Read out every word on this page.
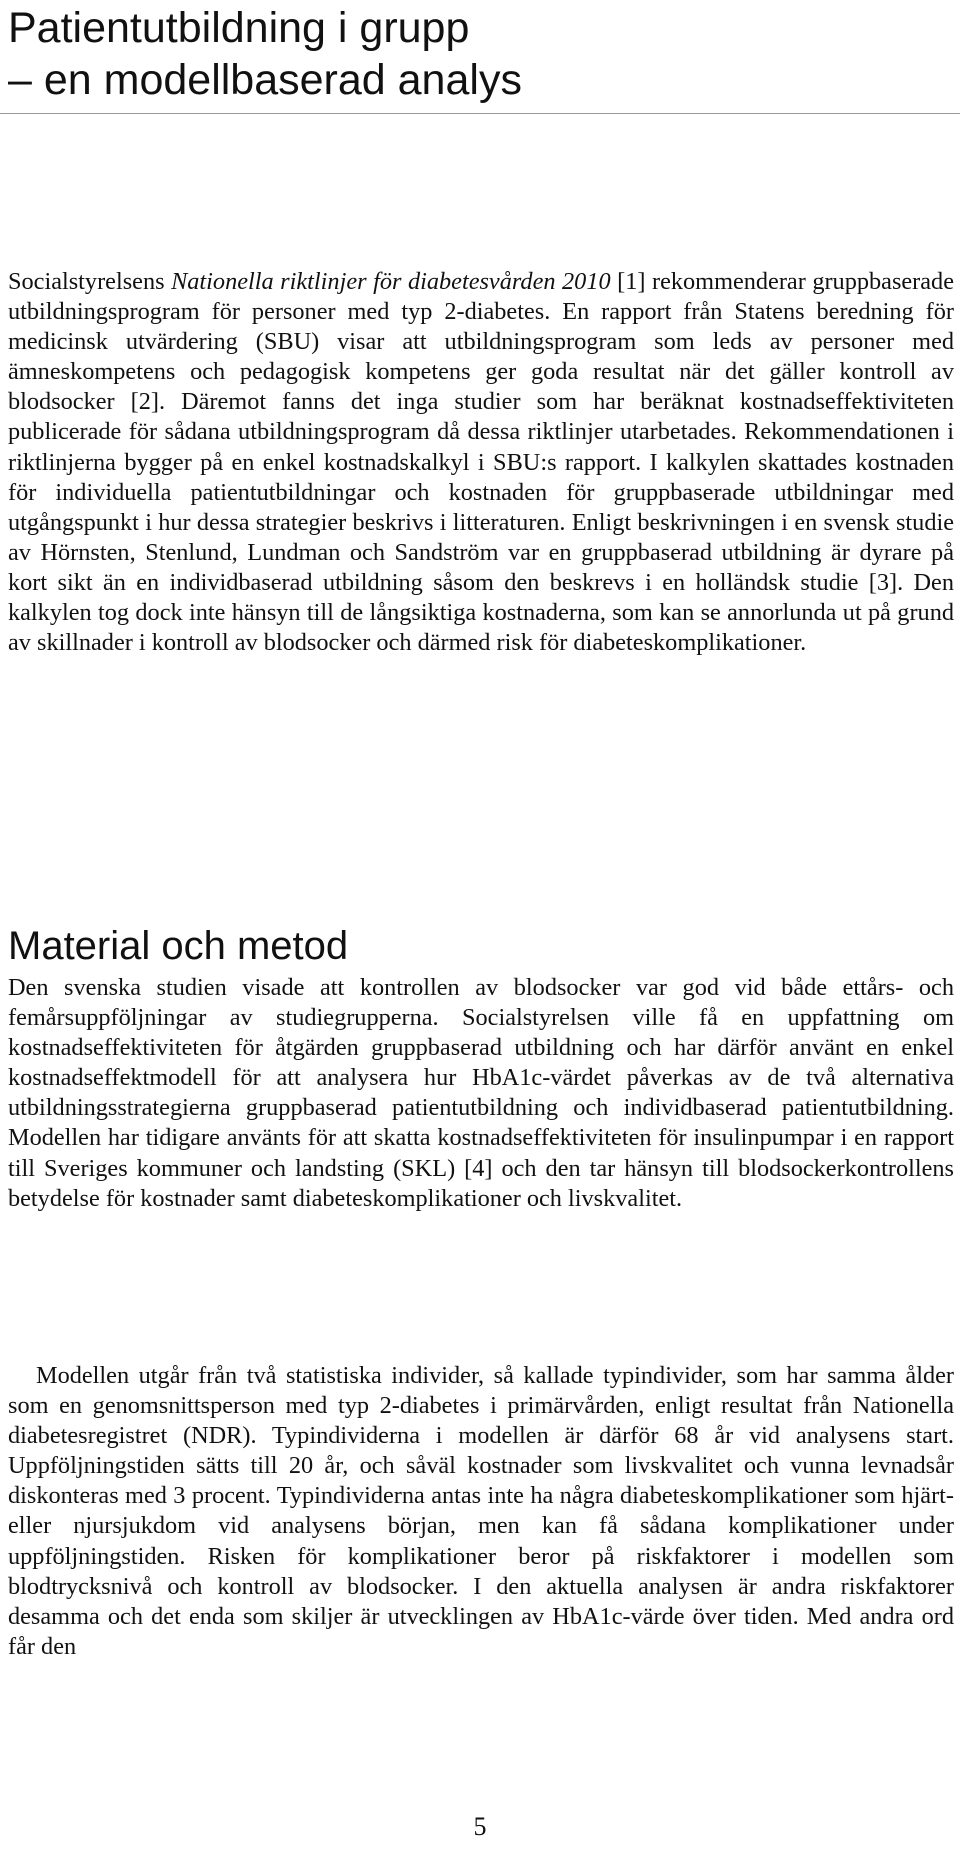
Patientutbildning i grupp
– en modellbaserad analys

Socialstyrelsens Nationella riktlinjer för diabetesvården 2010 [1] rekommenderar gruppbaserade utbildningsprogram för personer med typ 2-diabetes. En rapport från Statens beredning för medicinsk utvärdering (SBU) visar att utbildningsprogram som leds av personer med ämneskompetens och pedagogisk kompetens ger goda resultat när det gäller kontroll av blodsocker [2]. Däremot fanns det inga studier som har beräknat kostnadseffektiviteten publicerade för sådana utbildningsprogram då dessa riktlinjer utarbetades. Rekommendationen i riktlinjerna bygger på en enkel kostnadskalkyl i SBU:s rapport. I kalkylen skattades kostnaden för individuella patientutbildningar och kostnaden för gruppbaserade utbildningar med utgångspunkt i hur dessa strategier beskrivs i litteraturen. Enligt beskrivningen i en svensk studie av Hörnsten, Stenlund, Lundman och Sandström var en gruppbaserad utbildning är dyrare på kort sikt än en individbaserad utbildning såsom den beskrevs i en holländsk studie [3]. Den kalkylen tog dock inte hänsyn till de långsiktiga kostnaderna, som kan se annorlunda ut på grund av skillnader i kontroll av blodsocker och därmed risk för diabeteskomplikationer.

Material och metod

Den svenska studien visade att kontrollen av blodsocker var god vid både ettårs- och femårsuppföljningar av studiegrupperna. Socialstyrelsen ville få en uppfattning om kostnadseffektiviteten för åtgärden gruppbaserad utbildning och har därför använt en enkel kostnadseffektmodell för att analysera hur HbA1c-värdet påverkas av de två alternativa utbildningsstrategierna gruppbaserad patientutbildning och individbaserad patientutbildning. Modellen har tidigare använts för att skatta kostnadseffektiviteten för insulinpumpar i en rapport till Sveriges kommuner och landsting (SKL) [4] och den tar hänsyn till blodsockerkontrollens betydelse för kostnader samt diabeteskomplikationer och livskvalitet.

Modellen utgår från två statistiska individer, så kallade typindivider, som har samma ålder som en genomsnittsperson med typ 2-diabetes i primärvården, enligt resultat från Nationella diabetesregistret (NDR). Typindividerna i modellen är därför 68 år vid analysens start. Uppföljningstiden sätts till 20 år, och såväl kostnader som livskvalitet och vunna levnadsår diskonteras med 3 procent. Typindividerna antas inte ha några diabeteskomplikationer som hjärt- eller njursjukdom vid analysens början, men kan få sådana komplikationer under uppföljningstiden. Risken för komplikationer beror på riskfaktorer i modellen som blodtrycksnivå och kontroll av blodsocker. I den aktuella analysen är andra riskfaktorer desamma och det enda som skiljer är utvecklingen av HbA1c-värde över tiden. Med andra ord får den

5
